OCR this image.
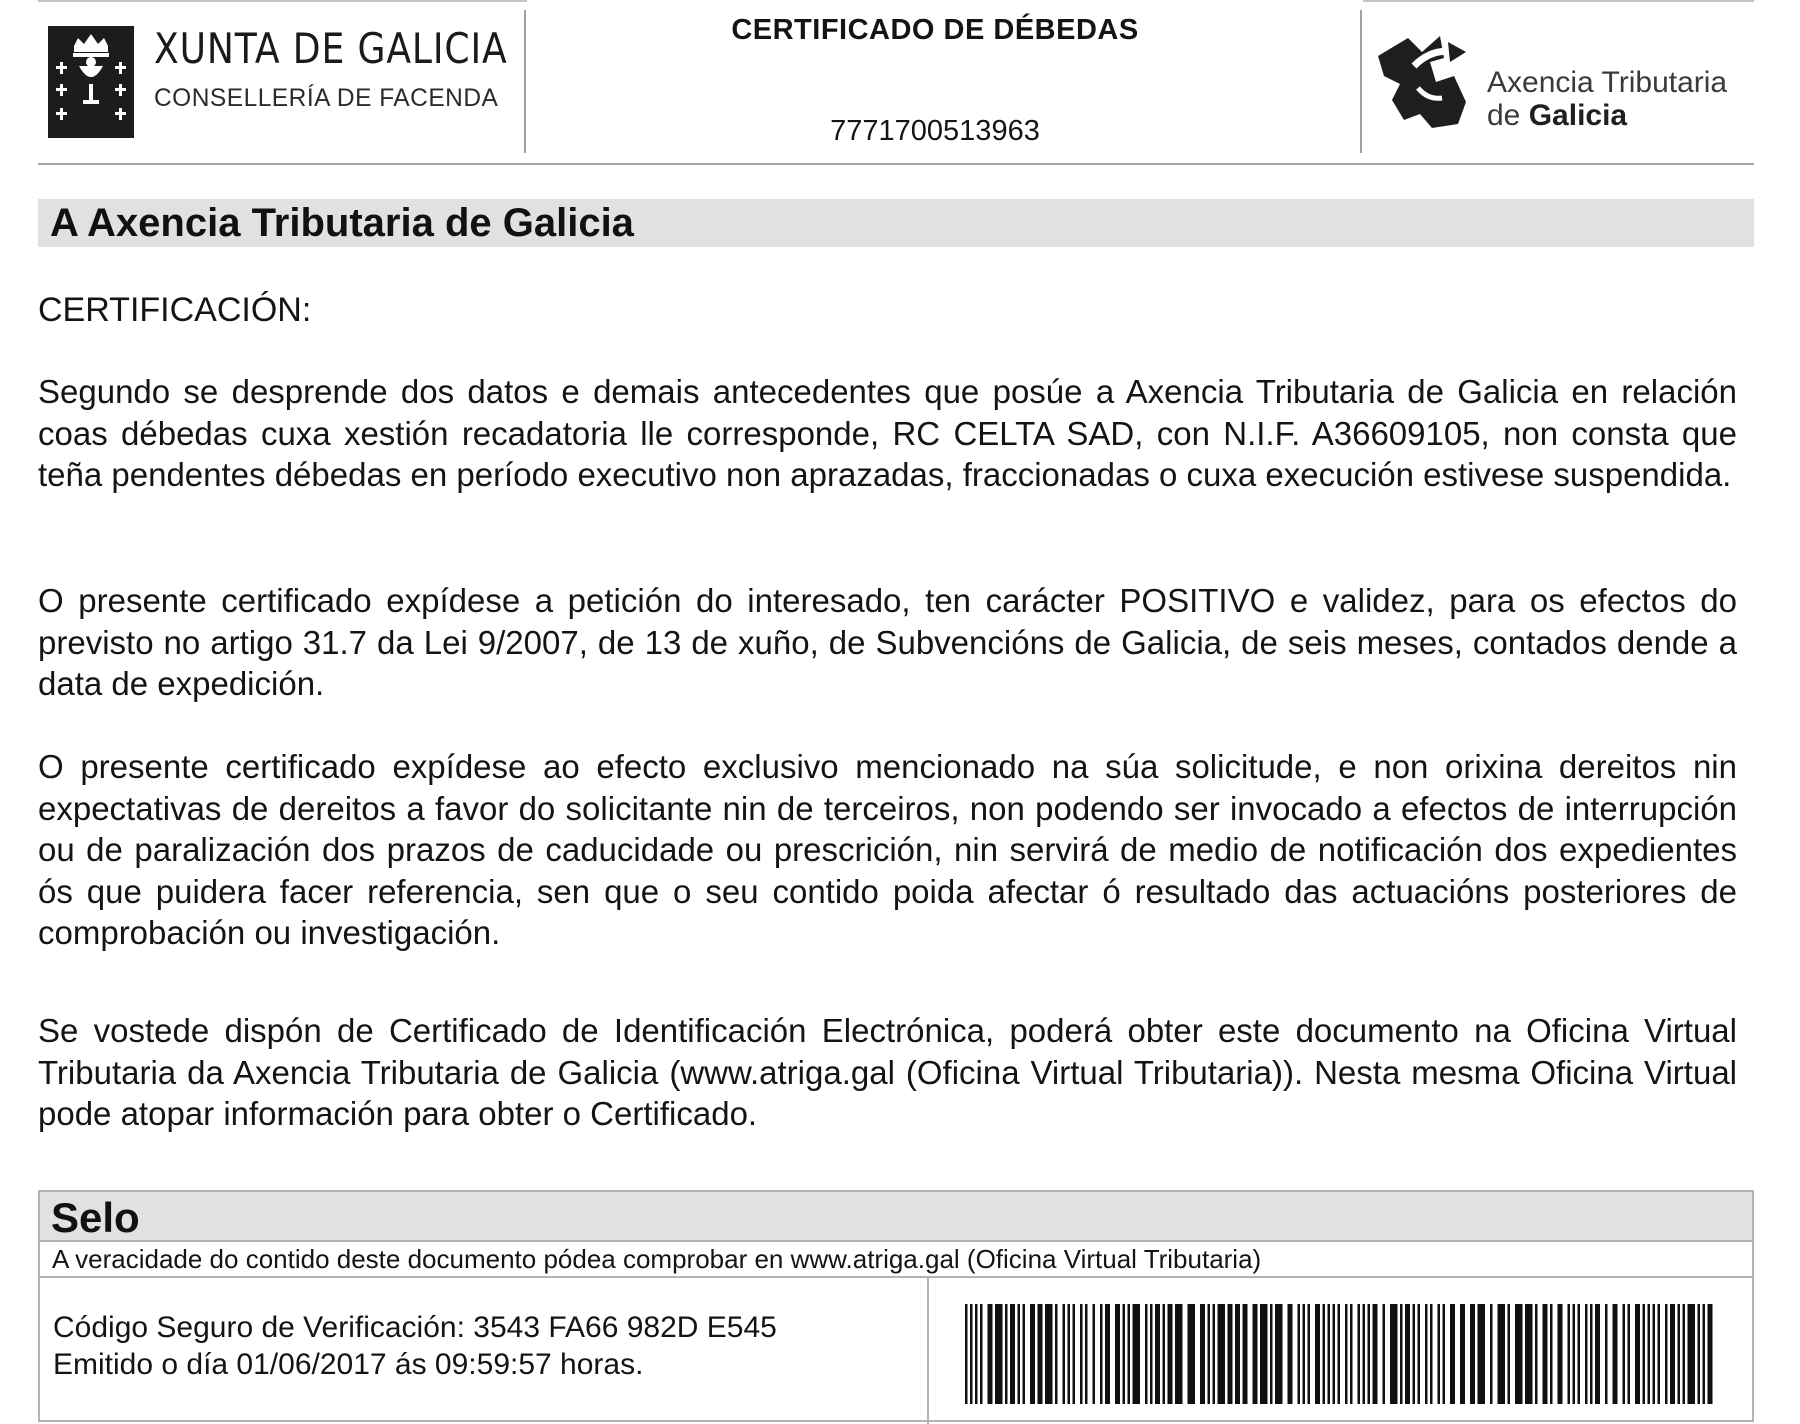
XUNTA DE GALICIA
CONSELLERÍA DE FACENDA
CERTIFICADO DE DÉBEDAS
7771700513963
Axencia Tributaria
de Galicia
A Axencia Tributaria de Galicia
CERTIFICACIÓN:

Segundo se desprende dos datos e demais antecedentes que posúe a Axencia Tributaria de Galicia en relación coas débedas cuxa xestión recadatoria lle corresponde, RC CELTA SAD, con N.I.F. A36609105, non consta que teña pendentes débedas en período executivo non aprazadas, fraccionadas o cuxa execución estivese suspendida.

O presente certificado expídese a petición do interesado, ten carácter POSITIVO e validez, para os efectos do previsto no artigo 31.7 da Lei 9/2007, de 13 de xuño, de Subvencións de Galicia, de seis meses, contados dende a data de expedición.

O presente certificado expídese ao efecto exclusivo mencionado na súa solicitude, e non orixina dereitos nin expectativas de dereitos a favor do solicitante nin de terceiros, non podendo ser invocado a efectos de interrupción ou de paralización dos prazos de caducidade ou prescrición, nin servirá de medio de notificación dos expedientes ós que puidera facer referencia, sen que o seu contido poida afectar ó resultado das actuacións posteriores de comprobación ou investigación.

Se vostede dispón de Certificado de Identificación Electrónica, poderá obter este documento na Oficina Virtual Tributaria da Axencia Tributaria de Galicia (www.atriga.gal (Oficina Virtual Tributaria)). Nesta mesma Oficina Virtual pode atopar información para obter o Certificado.

Selo
A veracidade do contido deste documento pódea comprobar en www.atriga.gal (Oficina Virtual Tributaria)
Código Seguro de Verificación: 3543 FA66 982D E545
Emitido o día 01/06/2017 ás 09:59:57 horas.
